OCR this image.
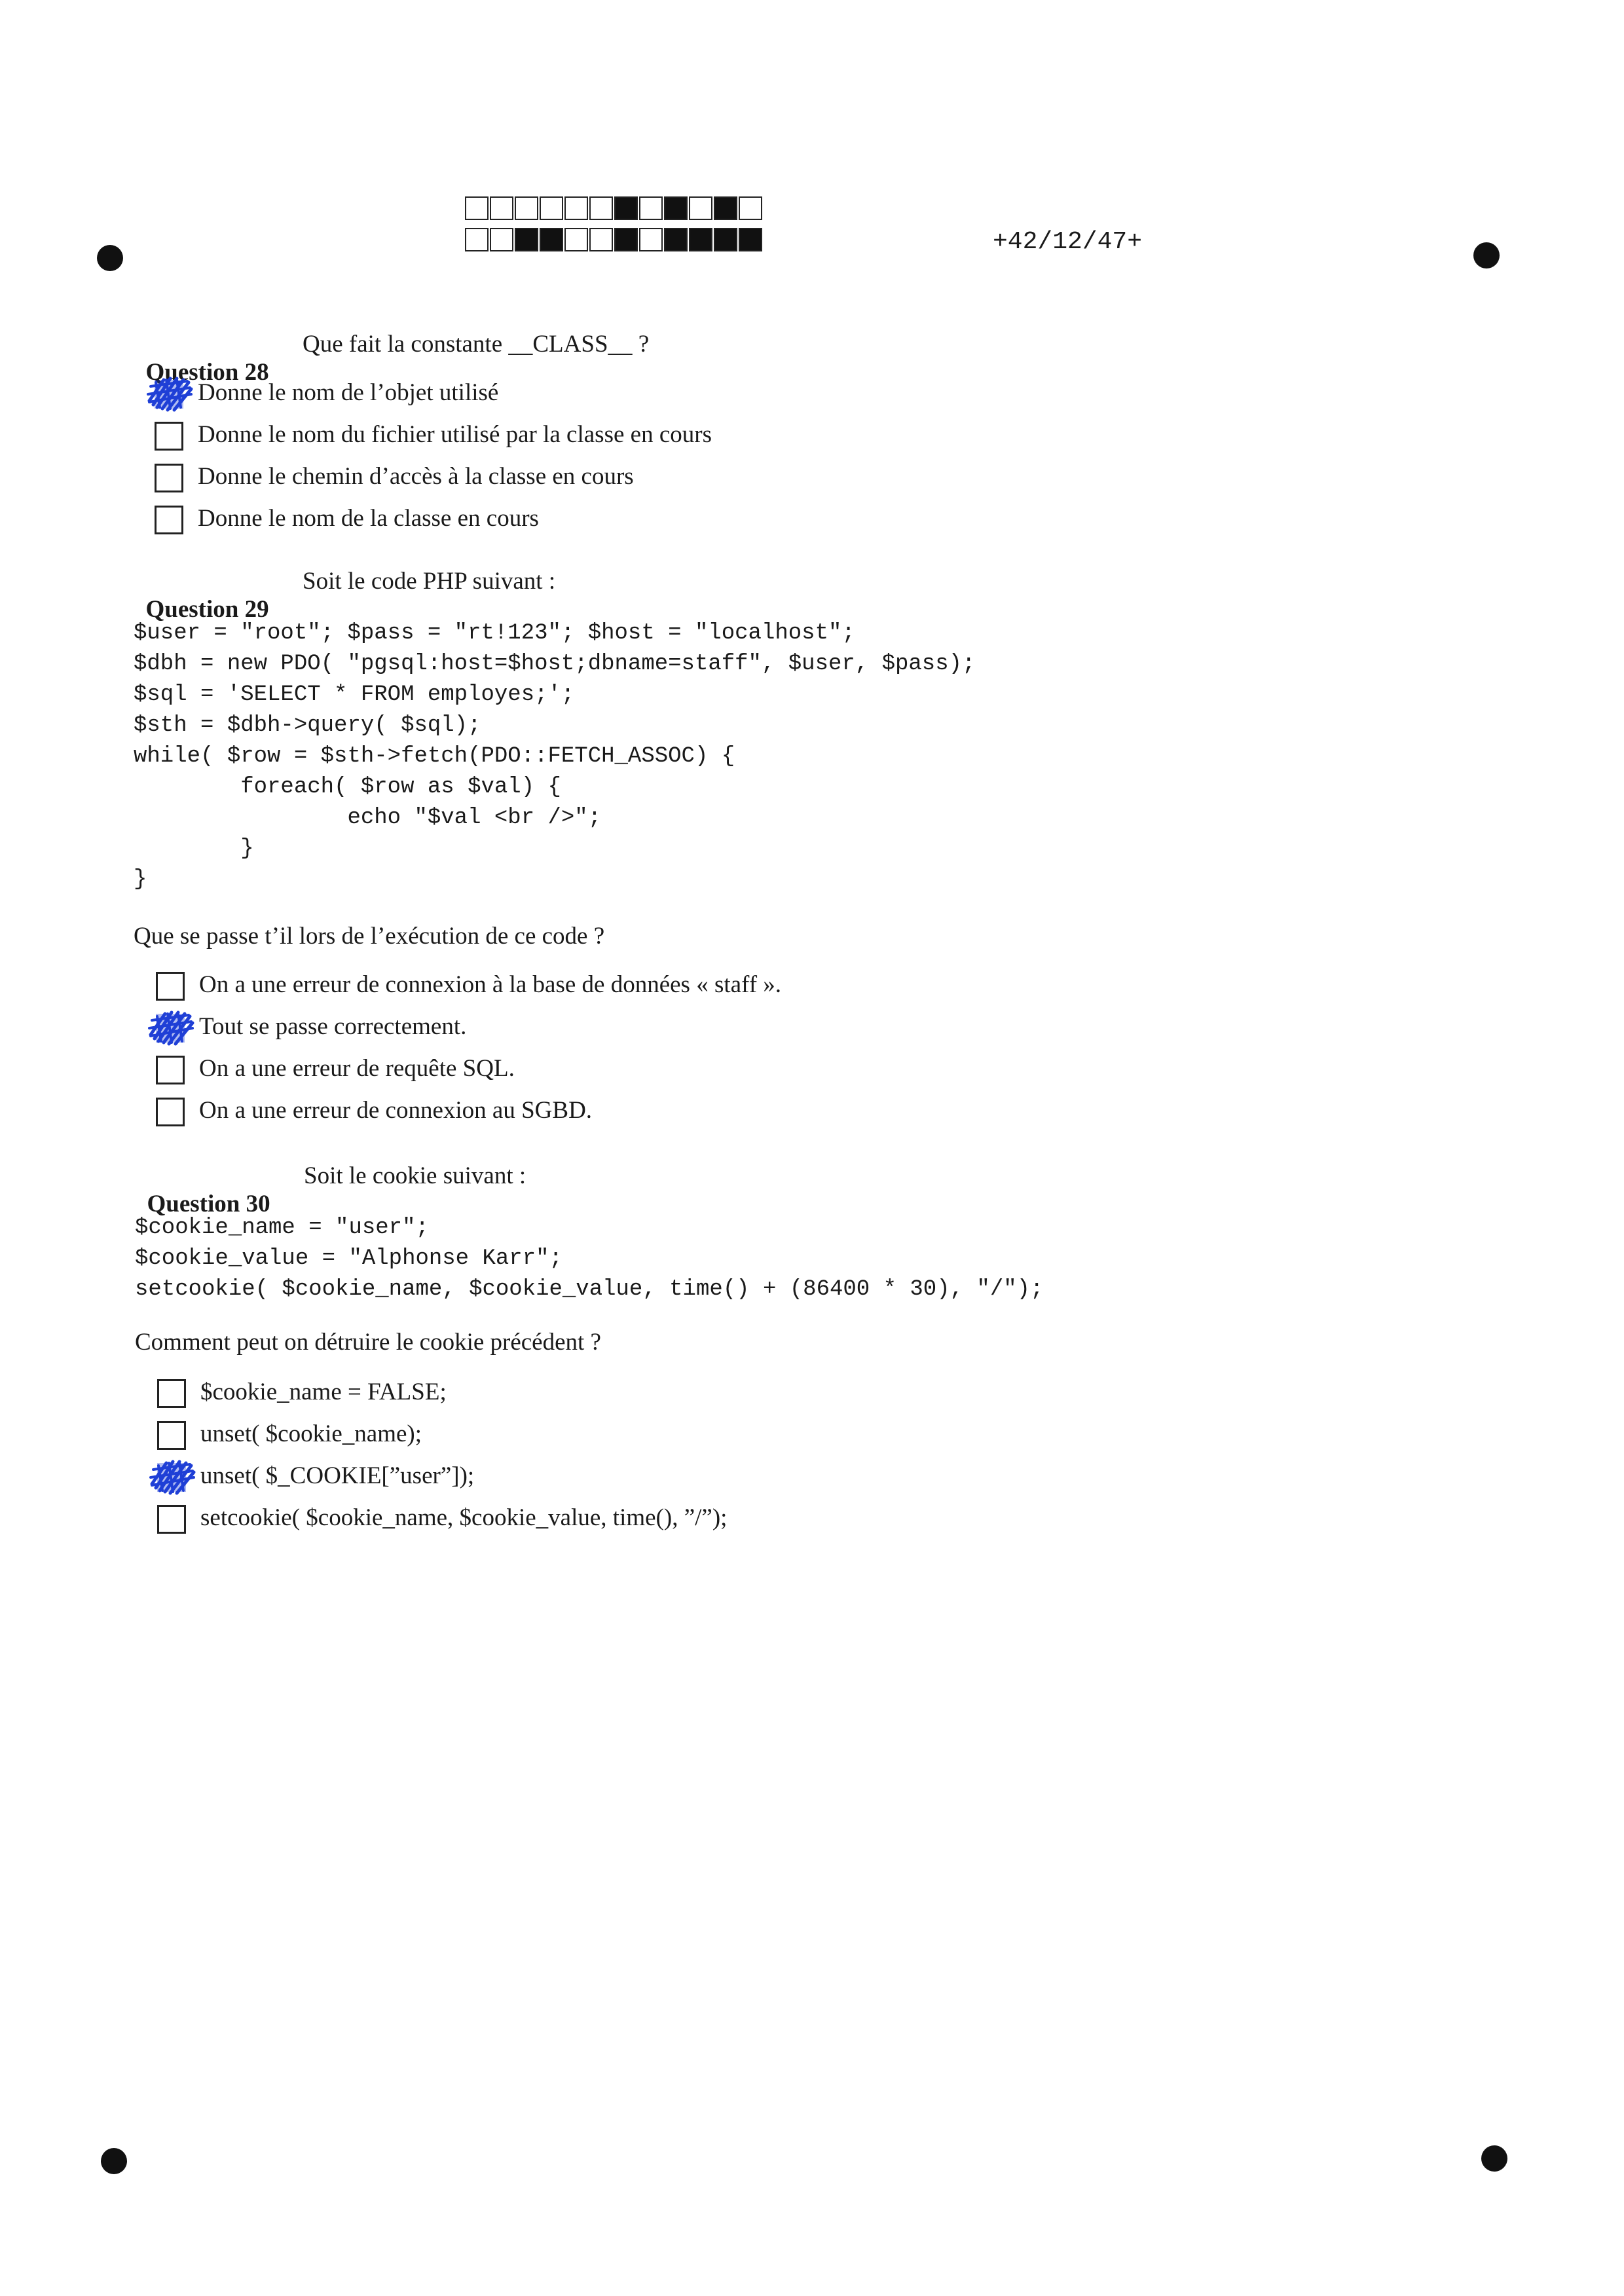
+42/12/47+

Question 28

Que fait la constante __CLASS__ ?

Donne le nom de l’objet utilisé
Donne le nom du fichier utilisé par la classe en cours
Donne le chemin d’accès à la classe en cours
Donne le nom de la classe en cours

Question 29

Soit le code PHP suivant :

$user = "root"; $pass = "rt!123"; $host = "localhost";
$dbh = new PDO( "pgsql:host=$host;dbname=staff", $user, $pass);
$sql = 'SELECT * FROM employes;';
$sth = $dbh->query( $sql);
while( $row = $sth->fetch(PDO::FETCH_ASSOC) {
foreach( $row as $val) {
echo "$val <br />";
}
}
Que se passe t’il lors de l’exécution de ce code ?
On a une erreur de connexion à la base de données « staff ».
Tout se passe correctement.
On a une erreur de requête SQL.
On a une erreur de connexion au SGBD.

Question 30

Soit le cookie suivant :

$cookie_name = "user";
$cookie_value = "Alphonse Karr";
setcookie( $cookie_name, $cookie_value, time() + (86400 * 30), "/");
Comment peut on détruire le cookie précédent ?
$cookie_name = FALSE;
unset( $cookie_name);
unset( $_COOKIE[”user”]);
setcookie( $cookie_name, $cookie_value, time(), ”/”);
